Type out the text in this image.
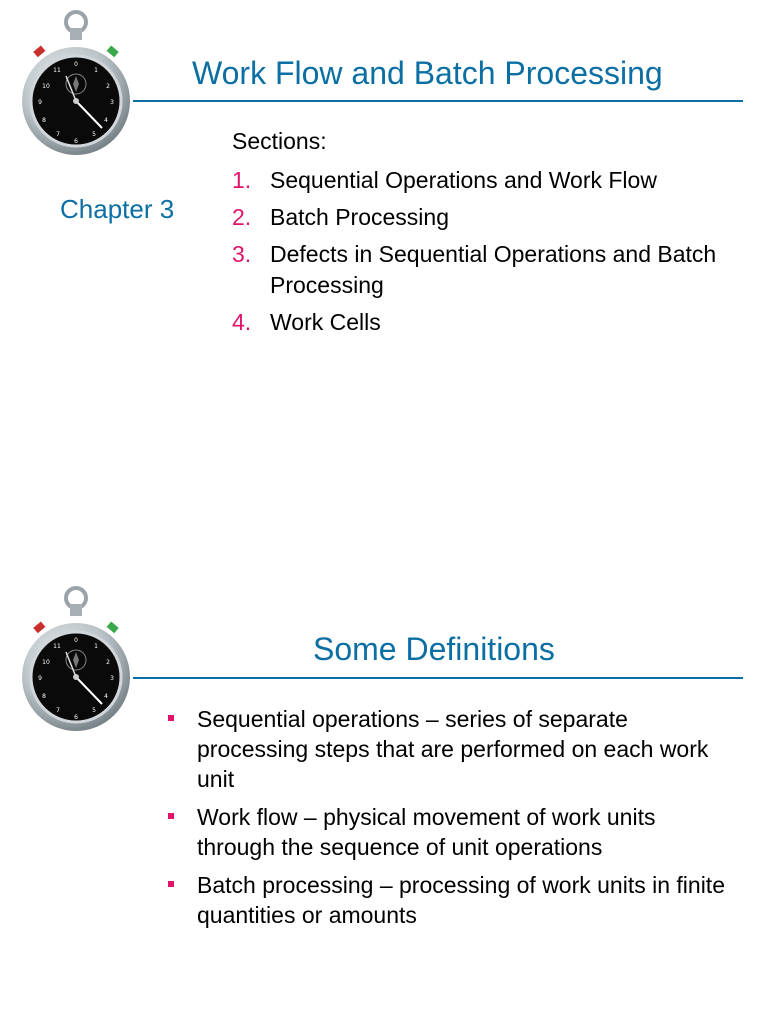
0
1
2
3
4
5
6
7
8
9
10
11	Work Flow and Batch Processing
Chapter 3
Sections:
1. Sequential Operations and Work Flow
2. Batch Processing
3. Defects in Sequential Operations and Batch Processing
4. Work Cells
0
1
2
3
4
5
6
7
8
9
10
11	Some Definitions
Sequential operations – series of separate processing steps that are performed on each work unit
Work flow – physical movement of work units through the sequence of unit operations
Batch processing – processing of work units in finite quantities or amounts
